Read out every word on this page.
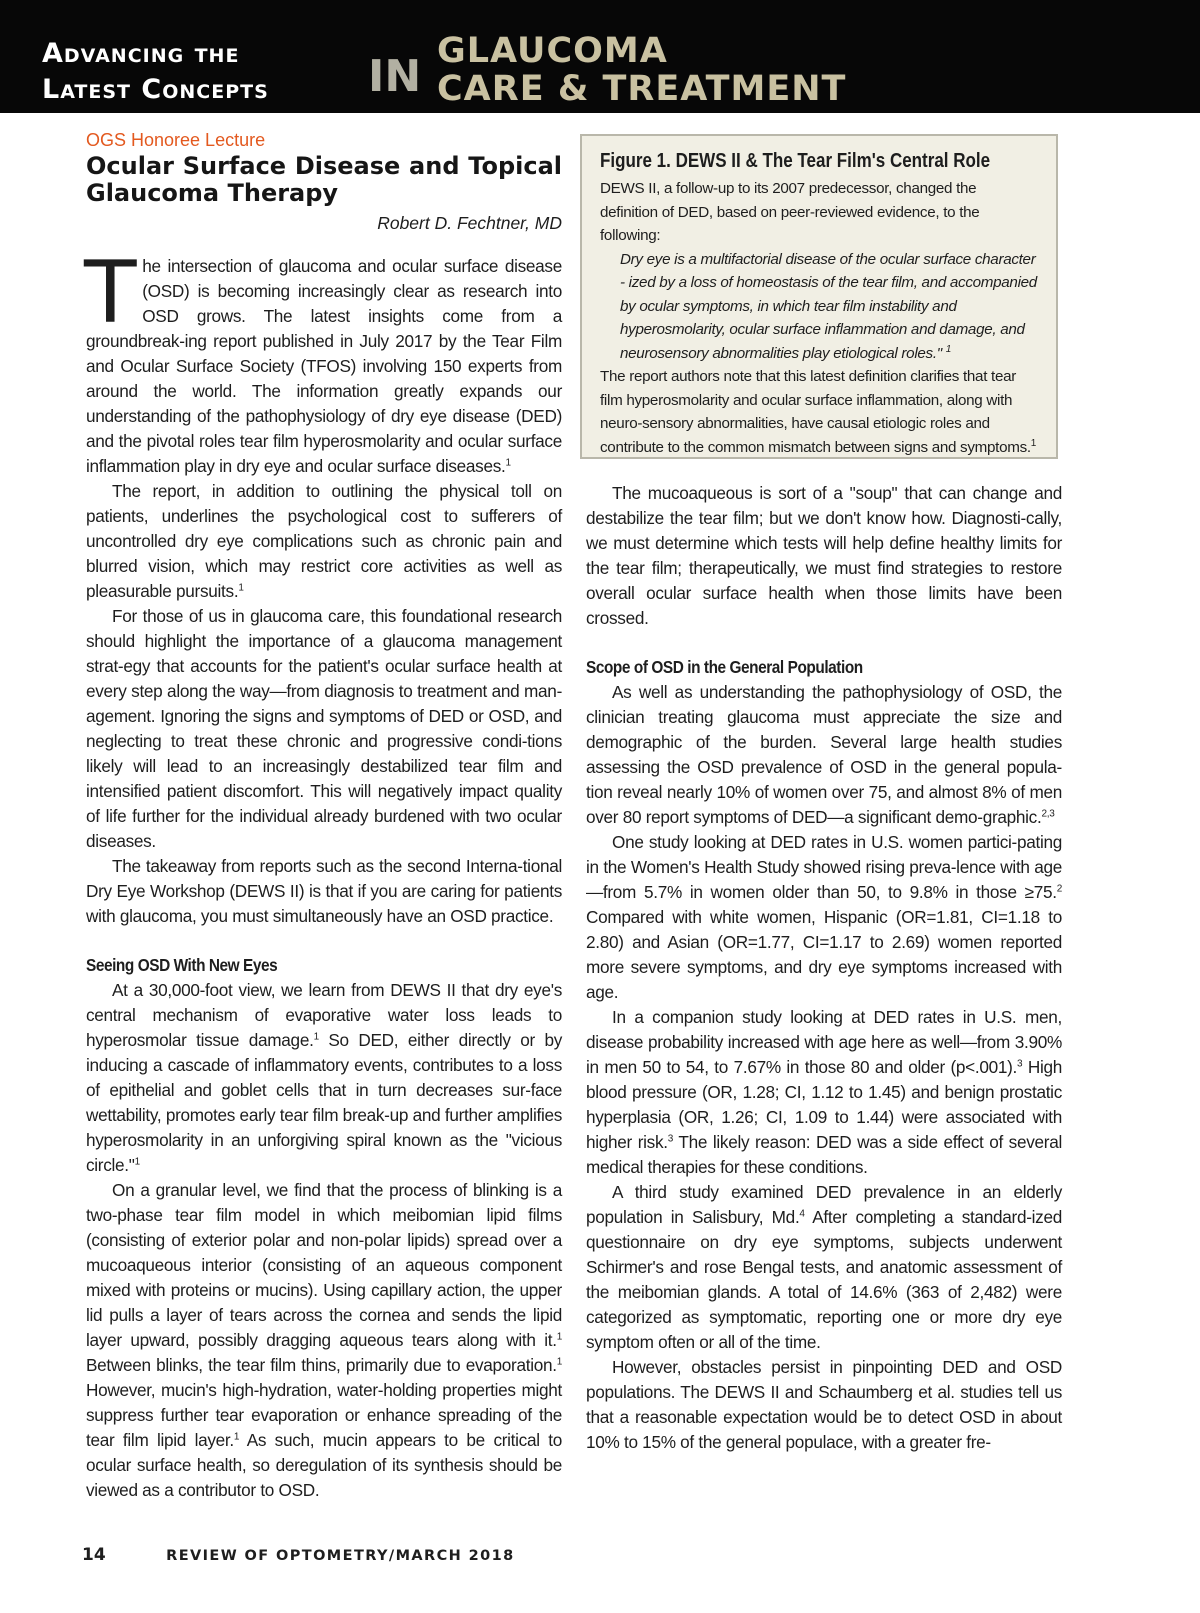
Advancing the
Latest Concepts	IN GLAUCOMA
CARE & TREATMENT
OGS Honoree Lecture
Ocular Surface Disease and Topical Glaucoma Therapy
Robert D. Fechtner, MD

The intersection of glaucoma and ocular surface disease (OSD) is becoming increasingly clear as research into OSD grows. The latest insights come from a groundbreak-ing report published in July 2017 by the Tear Film and Ocular Surface Society (TFOS) involving 150 experts from around the world. The information greatly expands our understanding of the pathophysiology of dry eye disease (DED) and the pivotal roles tear film hyperosmolarity and ocular surface inflammation play in dry eye and ocular surface diseases.$^1$

The report, in addition to outlining the physical toll on patients, underlines the psychological cost to sufferers of uncontrolled dry eye complications such as chronic pain and blurred vision, which may restrict core activities as well as pleasurable pursuits.$^1$

For those of us in glaucoma care, this foundational research should highlight the importance of a glaucoma management strat-egy that accounts for the patient's ocular surface health at every step along the way—from diagnosis to treatment and man-agement. Ignoring the signs and symptoms of DED or OSD, and neglecting to treat these chronic and progressive condi-tions likely will lead to an increasingly destabilized tear film and intensified patient discomfort. This will negatively impact quality of life further for the individual already burdened with two ocular diseases.

The takeaway from reports such as the second Interna-tional Dry Eye Workshop (DEWS II) is that if you are caring for patients with glaucoma, you must simultaneously have an OSD practice.

Seeing OSD With New Eyes

At a 30,000-foot view, we learn from DEWS II that dry eye's central mechanism of evaporative water loss leads to hyperosmolar tissue damage.$^1$ So DED, either directly or by inducing a cascade of inflammatory events, contributes to a loss of epithelial and goblet cells that in turn decreases sur-face wettability, promotes early tear film break-up and further amplifies hyperosmolarity in an unforgiving spiral known as the "vicious circle."$^1$

On a granular level, we find that the process of blinking is a two-phase tear film model in which meibomian lipid films (consisting of exterior polar and non-polar lipids) spread over a mucoaqueous interior (consisting of an aqueous component mixed with proteins or mucins). Using capillary action, the upper lid pulls a layer of tears across the cornea and sends the lipid layer upward, possibly dragging aqueous tears along with it.$^1$ Between blinks, the tear film thins, primarily due to evaporation.$^1$ However, mucin's high-hydration, water-holding properties might suppress further tear evaporation or enhance spreading of the tear film lipid layer.$^1$ As such, mucin appears to be critical to ocular surface health, so deregulation of its synthesis should be viewed as a contributor to OSD.

Figure 1. DEWS II & The Tear Film's Central Role

DEWS II, a follow-up to its 2007 predecessor, changed the definition of DED, based on peer-reviewed evidence, to the following:

Dry eye is a multifactorial disease of the ocular surface character - ized by a loss of homeostasis of the tear film, and accompanied by ocular symptoms, in which tear film instability and hyperosmolarity, ocular surface inflammation and damage, and neurosensory abnormalities play etiological roles." $^1$

The report authors note that this latest definition clarifies that tear film hyperosmolarity and ocular surface inflammation, along with neuro-sensory abnormalities, have causal etiologic roles and contribute to the common mismatch between signs and symptoms.$^1$

The mucoaqueous is sort of a "soup" that can change and destabilize the tear film; but we don't know how. Diagnosti-cally, we must determine which tests will help define healthy limits for the tear film; therapeutically, we must find strategies to restore overall ocular surface health when those limits have been crossed.

Scope of OSD in the General Population

As well as understanding the pathophysiology of OSD, the clinician treating glaucoma must appreciate the size and demographic of the burden. Several large health studies assessing the OSD prevalence of OSD in the general popula-tion reveal nearly 10% of women over 75, and almost 8% of men over 80 report symptoms of DED—a significant demo-graphic.$^{2,3}$

One study looking at DED rates in U.S. women partici-pating in the Women's Health Study showed rising preva-lence with age—from 5.7% in women older than 50, to 9.8% in those ≥75.$^2$ Compared with white women, Hispanic (OR=1.81, CI=1.18 to 2.80) and Asian (OR=1.77, CI=1.17 to 2.69) women reported more severe symptoms, and dry eye symptoms increased with age.

In a companion study looking at DED rates in U.S. men, disease probability increased with age here as well—from 3.90% in men 50 to 54, to 7.67% in those 80 and older (p<.001).$^3$ High blood pressure (OR, 1.28; CI, 1.12 to 1.45) and benign prostatic hyperplasia (OR, 1.26; CI, 1.09 to 1.44) were associated with higher risk.$^3$ The likely reason: DED was a side effect of several medical therapies for these conditions.

A third study examined DED prevalence in an elderly population in Salisbury, Md.$^4$ After completing a standard-ized questionnaire on dry eye symptoms, subjects underwent Schirmer's and rose Bengal tests, and anatomic assessment of the meibomian glands. A total of 14.6% (363 of 2,482) were categorized as symptomatic, reporting one or more dry eye symptom often or all of the time.

However, obstacles persist in pinpointing DED and OSD populations. The DEWS II and Schaumberg et al. studies tell us that a reasonable expectation would be to detect OSD in about 10% to 15% of the general populace, with a greater fre-

14	REVIEW OF OPTOMETRY/MARCH 2018
